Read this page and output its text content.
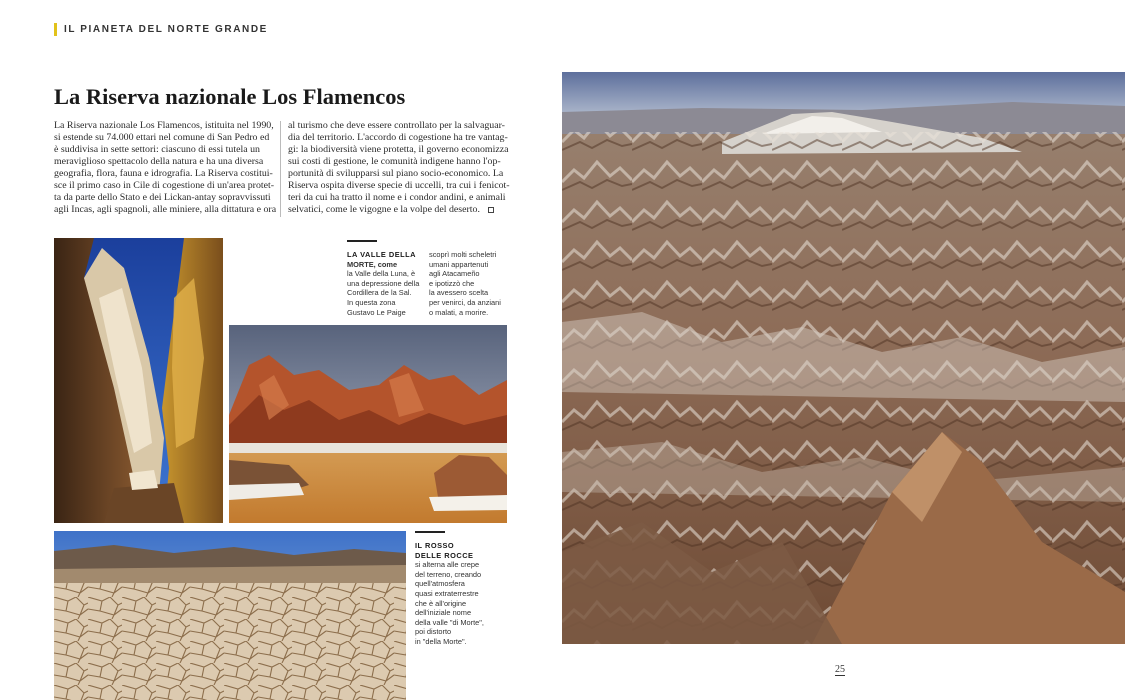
IL PIANETA DEL NORTE GRANDE
La Riserva nazionale Los Flamencos
La Riserva nazionale Los Flamencos, istituita nel 1990,
si estende su 74.000 ettari nel comune di San Pedro ed
è suddivisa in sette settori: ciascuno di essi tutela un
meraviglioso spettacolo della natura e ha una diversa
geografia, flora, fauna e idrografia. La Riserva costitui-
sce il primo caso in Cile di cogestione di un'area protet-
ta da parte dello Stato e dei Lickan-antay sopravvissuti
agli Incas, agli spagnoli, alle miniere, alla dittatura e ora
al turismo che deve essere controllato per la salvaguar-
dia del territorio. L'accordo di cogestione ha tre vantag-
gi: la biodiversità viene protetta, il governo economizza
sui costi di gestione, le comunità indigene hanno l'op-
portunità di svilupparsi sul piano socio-economico. La
Riserva ospita diverse specie di uccelli, tra cui i fenicot-
teri da cui ha tratto il nome e i condor andini, e animali
selvatici, come le vigogne e la volpe del deserto.
LA VALLE DELLA
MORTE, come
la Valle della Luna, è
una depressione della
Cordillera de la Sal.
In questa zona
Gustavo Le Paige
scoprì molti scheletri
umani appartenuti
agli Atacameño
e ipotizzò che
la avessero scelta
per venirci, da anziani
o malati, a morire.
IL ROSSO
DELLE ROCCE
si alterna alle crepe
del terreno, creando
quell'atmosfera
quasi extraterrestre
che è all'origine
dell'iniziale nome
della valle "di Morte",
poi distorto
in "della Morte".
25
